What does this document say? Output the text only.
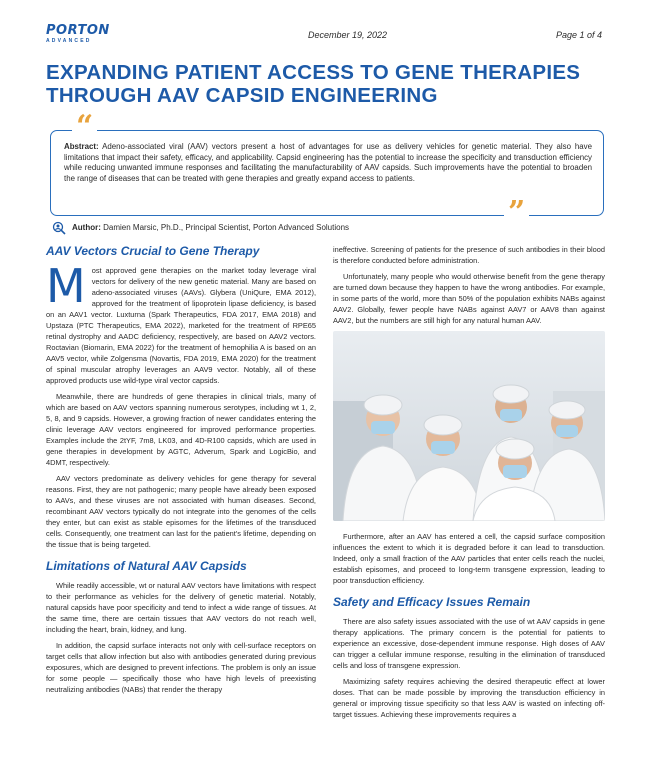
PORTON
ADVANCED
December 19, 2022	Page 1 of 4
EXPANDING PATIENT ACCESS TO GENE THERAPIES THROUGH AAV CAPSID ENGINEERING
“
”

Abstract: Adeno-associated viral (AAV) vectors present a host of advantages for use as delivery vehicles for genetic material. They also have limitations that impact their safety, efficacy, and applicability. Capsid engineering has the potential to increase the specificity and transduction efficiency while reducing unwanted immune responses and facilitating the manufacturability of AAV capsids. Such improvements have the potential to broaden the range of diseases that can be treated with gene therapies and greatly expand access to patients.

Author: Damien Marsic, Ph.D., Principal Scientist, Porton Advanced Solutions
AAV Vectors Crucial to Gene Therapy

Most approved gene therapies on the market today leverage viral vectors for delivery of the new genetic material. Many are based on adeno-associated viruses (AAVs). Glybera (UniQure, EMA 2012), approved for the treatment of lipoprotein lipase deficiency, is based on an AAV1 vector. Luxturna (Spark Therapeutics, FDA 2017, EMA 2018) and Upstaza (PTC Therapeutics, EMA 2022), marketed for the treatment of RPE65 retinal dystrophy and AADC deficiency, respectively, are based on AAV2 vectors. Roctavian (Biomarin, EMA 2022) for the treatment of hemophilia A is based on an AAV5 vector, while Zolgensma (Novartis, FDA 2019, EMA 2020) for the treatment of spinal muscular atrophy leverages an AAV9 vector. Notably, all of these approved products use wild-type viral vector capsids.

Meanwhile, there are hundreds of gene therapies in clinical trials, many of which are based on AAV vectors spanning numerous serotypes, including wt 1, 2, 5, 8, and 9 capsids. However, a growing fraction of newer candidates entering the clinic leverage AAV vectors engineered for improved performance properties. Examples include the 2tYF, 7m8, LK03, and 4D-R100 capsids, which are used in gene therapies in development by AGTC, Adverum, Spark and LogicBio, and 4DMT, respectively.

AAV vectors predominate as delivery vehicles for gene therapy for several reasons. First, they are not pathogenic; many people have already been exposed to AAVs, and these viruses are not associated with human diseases. Second, recombinant AAV vectors typically do not integrate into the genomes of the cells they enter, but can exist as stable episomes for the lifetimes of the transduced cells. Consequently, one treatment can last for the patient's lifetime, depending on the tissue that is being targeted.

Limitations of Natural AAV Capsids

While readily accessible, wt or natural AAV vectors have limitations with respect to their performance as vehicles for the delivery of genetic material. Notably, natural capsids have poor specificity and tend to infect a wide range of tissues. At the same time, there are certain tissues that AAV vectors do not reach well, including the heart, brain, kidney, and lung.

In addition, the capsid surface interacts not only with cell-surface receptors on target cells that allow infection but also with antibodies generated during previous exposures, which are designed to prevent infections. The problem is only an issue for some people — specifically those who have high levels of preexisting neutralizing antibodies (NABs) that render the therapy

ineffective. Screening of patients for the presence of such antibodies in their blood is therefore conducted before administration.

Unfortunately, many people who would otherwise benefit from the gene therapy are turned down because they happen to have the wrong antibodies. For example, in some parts of the world, more than 50% of the population exhibits NABs against AAV2. Globally, fewer people have NABs against AAV7 or AAV8 than against AAV2, but the numbers are still high for any natural human AAV.

Furthermore, after an AAV has entered a cell, the capsid surface composition influences the extent to which it is degraded before it can lead to transduction. Indeed, only a small fraction of the AAV particles that enter cells reach the nuclei, establish episomes, and proceed to long-term transgene expression, leading to poor transduction efficiency.

Safety and Efficacy Issues Remain

There are also safety issues associated with the use of wt AAV capsids in gene therapy applications. The primary concern is the potential for patients to experience an excessive, dose-dependent immune response. High doses of AAV can trigger a cellular immune response, resulting in the elimination of transduced cells and loss of transgene expression.

Maximizing safety requires achieving the desired therapeutic effect at lower doses. That can be made possible by improving the transduction efficiency in general or improving tissue specificity so that less AAV is wasted on infecting off-target tissues. Achieving these improvements requires a
